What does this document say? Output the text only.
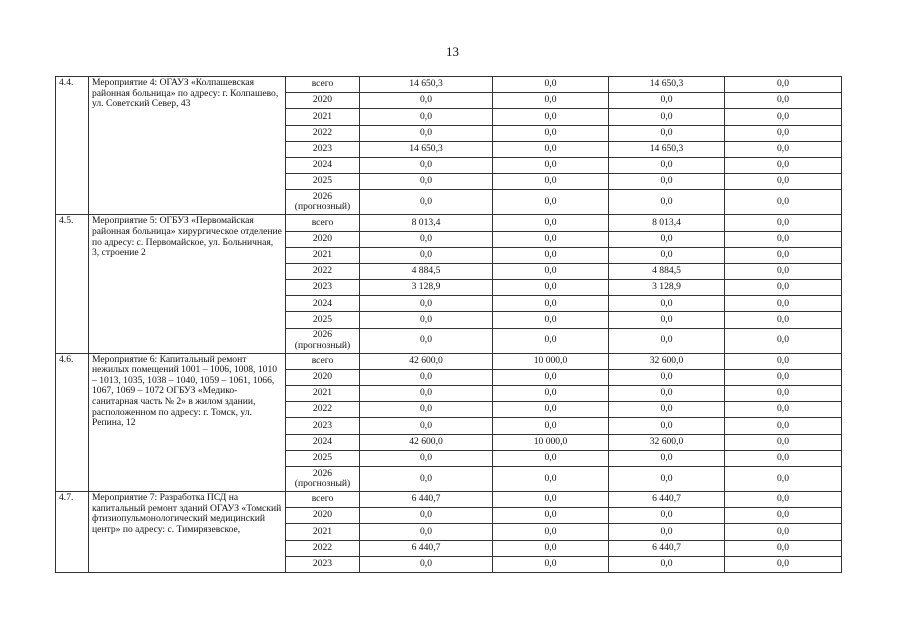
13
4.4.	Мероприятие 4: ОГАУЗ «Колпашевская районная больница» по адресу: г. Колпашево, ул. Советский Север, 43	всего	14 650,3	0,0	14 650,3	0,0
		2020	0,0	0,0	0,0	0,0
		2021	0,0	0,0	0,0	0,0
		2022	0,0	0,0	0,0	0,0
		2023	14 650,3	0,0	14 650,3	0,0
		2024	0,0	0,0	0,0	0,0
		2025	0,0	0,0	0,0	0,0
		2026 (прогнозный)	0,0	0,0	0,0	0,0
4.5.	Мероприятие 5: ОГБУЗ «Первомайская районная больница» хирургическое отделение по адресу: с. Первомайское, ул. Больничная, 3, строение 2	всего	8 013,4	0,0	8 013,4	0,0
		2020	0,0	0,0	0,0	0,0
		2021	0,0	0,0	0,0	0,0
		2022	4 884,5	0,0	4 884,5	0,0
		2023	3 128,9	0,0	3 128,9	0,0
		2024	0,0	0,0	0,0	0,0
		2025	0,0	0,0	0,0	0,0
		2026 (прогнозный)	0,0	0,0	0,0	0,0
4.6.	Мероприятие 6: Капитальный ремонт нежилых помещений 1001 – 1006, 1008, 1010 – 1013, 1035, 1038 – 1040, 1059 – 1061, 1066, 1067, 1069 – 1072 ОГБУЗ «Медико-санитарная часть № 2» в жилом здании, расположенном по адресу: г. Томск, ул. Репина, 12	всего	42 600,0	10 000,0	32 600,0	0,0
		2020	0,0	0,0	0,0	0,0
		2021	0,0	0,0	0,0	0,0
		2022	0,0	0,0	0,0	0,0
		2023	0,0	0,0	0,0	0,0
		2024	42 600,0	10 000,0	32 600,0	0,0
		2025	0,0	0,0	0,0	0,0
		2026 (прогнозный)	0,0	0,0	0,0	0,0
4.7.	Мероприятие 7: Разработка ПСД на капитальный ремонт зданий ОГАУЗ «Томский фтизиопульмонологический медицинский центр» по адресу: с. Тимирязевское,	всего	6 440,7	0,0	6 440,7	0,0
		2020	0,0	0,0	0,0	0,0
		2021	0,0	0,0	0,0	0,0
		2022	6 440,7	0,0	6 440,7	0,0
		2023	0,0	0,0	0,0	0,0
